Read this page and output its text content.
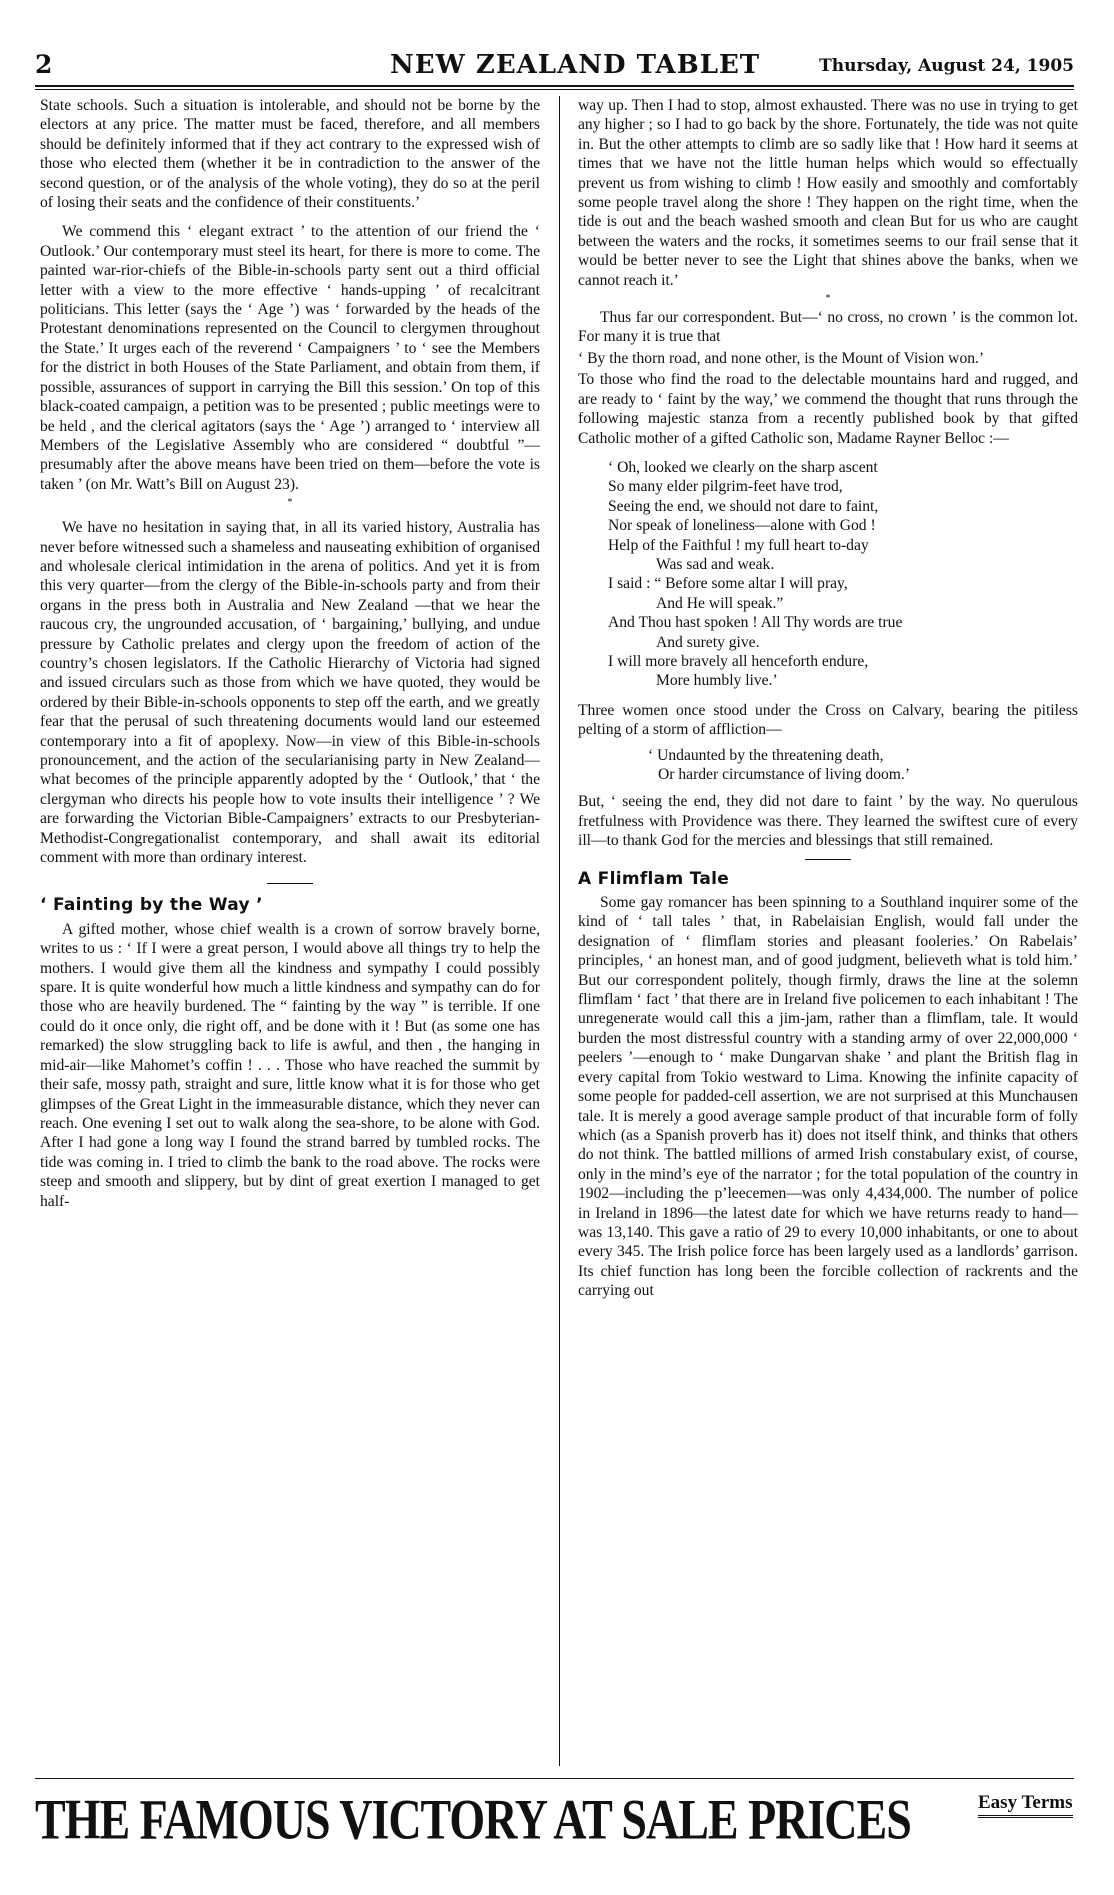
2	NEW ZEALAND TABLET	Thursday, August 24, 1905

State schools. Such a situation is intolerable, and should not be borne by the electors at any price. The matter must be faced, therefore, and all members should be definitely informed that if they act contrary to the expressed wish of those who elected them (whether it be in contradiction to the answer of the second question, or of the analysis of the whole voting), they do so at the peril of losing their seats and the confidence of their constituents.’

We commend this ‘ elegant extract ’ to the attention of our friend the ‘ Outlook.’ Our contemporary must steel its heart, for there is more to come. The painted war-rior-chiefs of the Bible-in-schools party sent out a third official letter with a view to the more effective ‘ hands-upping ’ of recalcitrant politicians. This letter (says the ‘ Age ’) was ‘ forwarded by the heads of the Protestant denominations represented on the Council to clergymen throughout the State.’ It urges each of the reverend ‘ Campaigners ’ to ‘ see the Members for the district in both Houses of the State Parliament, and obtain from them, if possible, assurances of support in carrying the Bill this session.’ On top of this black-coated campaign, a petition was to be presented ; public meetings were to be held , and the clerical agitators (says the ‘ Age ’) arranged to ‘ interview all Members of the Legislative Assembly who are considered “ doubtful ”—presumably after the above means have been tried on them—before the vote is taken ’ (on Mr. Watt’s Bill on August 23).

*

We have no hesitation in saying that, in all its varied history, Australia has never before witnessed such a shameless and nauseating exhibition of organised and wholesale clerical intimidation in the arena of politics. And yet it is from this very quarter—from the clergy of the Bible-in-schools party and from their organs in the press both in Australia and New Zealand —that we hear the raucous cry, the ungrounded accusation, of ‘ bargaining,’ bullying, and undue pressure by Catholic prelates and clergy upon the freedom of action of the country’s chosen legislators. If the Catholic Hierarchy of Victoria had signed and issued circulars such as those from which we have quoted, they would be ordered by their Bible-in-schools opponents to step off the earth, and we greatly fear that the perusal of such threatening documents would land our esteemed contemporary into a fit of apoplexy. Now—in view of this Bible-in-schools pronouncement, and the action of the secularianising party in New Zealand—what becomes of the principle apparently adopted by the ‘ Outlook,’ that ‘ the clergyman who directs his people how to vote insults their intelligence ’ ? We are forwarding the Victorian Bible-Campaigners’ extracts to our Presbyterian-Methodist-Congregationalist contemporary, and shall await its editorial comment with more than ordinary interest.

‘ Fainting by the Way ’

A gifted mother, whose chief wealth is a crown of sorrow bravely borne, writes to us : ‘ If I were a great person, I would above all things try to help the mothers. I would give them all the kindness and sympathy I could possibly spare. It is quite wonderful how much a little kindness and sympathy can do for those who are heavily burdened. The “ fainting by the way ” is terrible. If one could do it once only, die right off, and be done with it ! But (as some one has remarked) the slow struggling back to life is awful, and then , the hanging in mid-air—like Mahomet’s coffin ! . . . Those who have reached the summit by their safe, mossy path, straight and sure, little know what it is for those who get glimpses of the Great Light in the immeasurable distance, which they never can reach. One evening I set out to walk along the sea-shore, to be alone with God. After I had gone a long way I found the strand barred by tumbled rocks. The tide was coming in. I tried to climb the bank to the road above. The rocks were steep and smooth and slippery, but by dint of great exertion I managed to get half-

way up. Then I had to stop, almost exhausted. There was no use in trying to get any higher ; so I had to go back by the shore. Fortunately, the tide was not quite in. But the other attempts to climb are so sadly like that ! How hard it seems at times that we have not the little human helps which would so effectually prevent us from wishing to climb ! How easily and smoothly and comfortably some people travel along the shore ! They happen on the right time, when the tide is out and the beach washed smooth and clean But for us who are caught between the waters and the rocks, it sometimes seems to our frail sense that it would be better never to see the Light that shines above the banks, when we cannot reach it.’

*

Thus far our correspondent. But—‘ no cross, no crown ’ is the common lot. For many it is true that

‘ By the thorn road, and none other, is the Mount of Vision won.’

To those who find the road to the delectable mountains hard and rugged, and are ready to ‘ faint by the way,’ we commend the thought that runs through the following majestic stanza from a recently published book by that gifted Catholic mother of a gifted Catholic son, Madame Rayner Belloc :—

‘ Oh, looked we clearly on the sharp ascent
So many elder pilgrim-feet have trod,
Seeing the end, we should not dare to faint,
Nor speak of loneliness—alone with God !
Help of the Faithful ! my full heart to-day
Was sad and weak.
I said : “ Before some altar I will pray,
And He will speak.”
And Thou hast spoken ! All Thy words are true
And surety give.
I will more bravely all henceforth endure,
More humbly live.’

Three women once stood under the Cross on Calvary, bearing the pitiless pelting of a storm of affliction—

‘ Undaunted by the threatening death,
Or harder circumstance of living doom.’

But, ‘ seeing the end, they did not dare to faint ’ by the way. No querulous fretfulness with Providence was there. They learned the swiftest cure of every ill—to thank God for the mercies and blessings that still remained.

A Flimflam Tale

Some gay romancer has been spinning to a Southland inquirer some of the kind of ‘ tall tales ’ that, in Rabelaisian English, would fall under the designation of ‘ flimflam stories and pleasant fooleries.’ On Rabelais’ principles, ‘ an honest man, and of good judgment, believeth what is told him.’ But our correspondent politely, though firmly, draws the line at the solemn flimflam ‘ fact ’ that there are in Ireland five policemen to each inhabitant ! The unregenerate would call this a jim-jam, rather than a flimflam, tale. It would burden the most distressful country with a standing army of over 22,000,000 ‘ peelers ’—enough to ‘ make Dungarvan shake ’ and plant the British flag in every capital from Tokio westward to Lima. Knowing the infinite capacity of some people for padded-cell assertion, we are not surprised at this Munchausen tale. It is merely a good average sample product of that incurable form of folly which (as a Spanish proverb has it) does not itself think, and thinks that others do not think. The battled millions of armed Irish constabulary exist, of course, only in the mind’s eye of the narrator ; for the total population of the country in 1902—including the p’leecemen—was only 4,434,000. The number of police in Ireland in 1896—the latest date for which we have returns ready to hand—was 13,140. This gave a ratio of 29 to every 10,000 inhabitants, or one to about every 345. The Irish police force has been largely used as a landlords’ garrison. Its chief function has long been the forcible collection of rackrents and the carrying out

THE FAMOUS VICTORY AT SALE PRICES	Easy Terms
